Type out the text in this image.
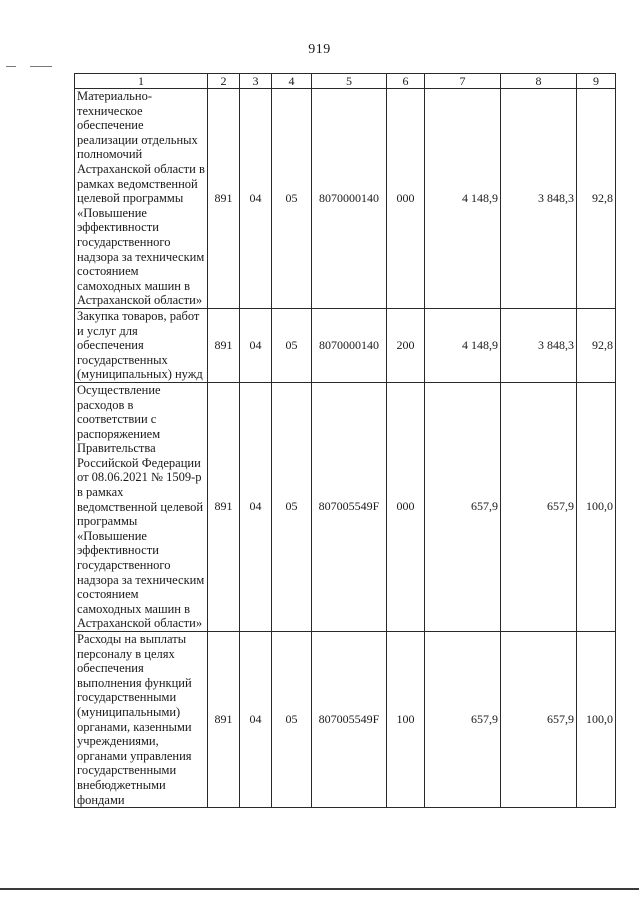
919
1	2	3	4	5	6	7	8	9
Материально-техническое обеспечение реализации отдельных полномочий Астраханской области в рамках ведомственной целевой программы «Повышение эффективности государственного надзора за техническим состоянием самоходных машин в Астраханской области»	891	04	05	8070000140	000	4 148,9	3 848,3	92,8
Закупка товаров, работ и услуг для обеспечения государственных (муниципальных) нужд	891	04	05	8070000140	200	4 148,9	3 848,3	92,8
Осуществление расходов в соответствии с распоряжением Правительства Российской Федерации от 08.06.2021 № 1509-р в рамках ведомственной целевой программы «Повышение эффективности государственного надзора за техническим состоянием самоходных машин в Астраханской области»	891	04	05	807005549F	000	657,9	657,9	100,0
Расходы на выплаты персоналу в целях обеспечения выполнения функций государственными (муниципальными) органами, казенными учреждениями, органами управления государственными внебюджетными фондами	891	04	05	807005549F	100	657,9	657,9	100,0
